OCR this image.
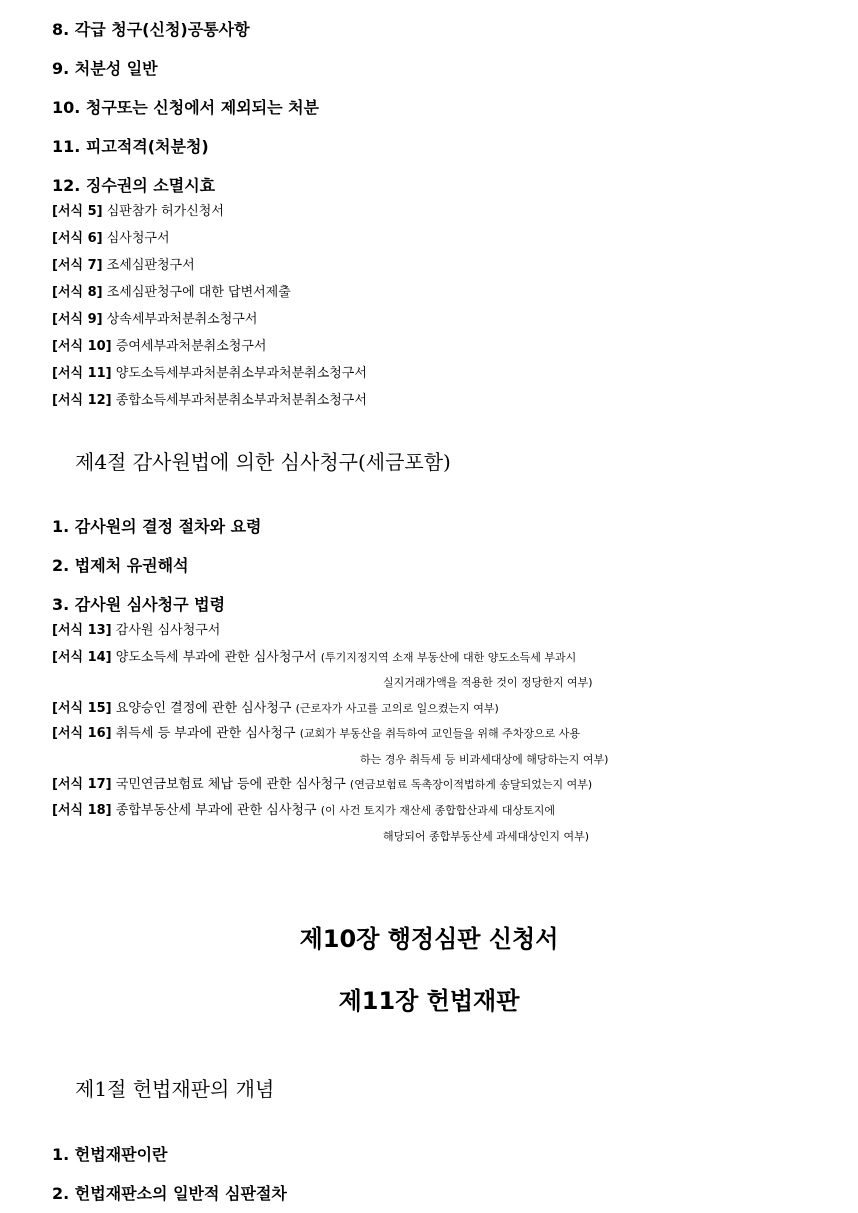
8. 각급 청구(신청)공통사항
9. 처분성 일반
10. 청구또는 신청에서 제외되는 처분
11. 피고적격(처분청)
12. 징수권의 소멸시효
[서식 5] 심판참가 허가신청서
[서식 6] 심사청구서
[서식 7] 조세심판청구서
[서식 8] 조세심판청구에 대한 답변서제출
[서식 9] 상속세부과처분취소청구서
[서식 10] 증여세부과처분취소청구서
[서식 11] 양도소득세부과처분취소부과처분취소청구서
[서식 12] 종합소득세부과처분취소부과처분취소청구서
제4절 감사원법에 의한 심사청구(세금포함)
1. 감사원의 결정 절차와 요령
2. 법제처 유권해석
3. 감사원 심사청구 법령
[서식 13] 감사원 심사청구서
[서식 14] 양도소득세 부과에 관한 심사청구서 (투기지정지역 소재 부동산에 대한 양도소득세 부과시
실지거래가액을 적용한 것이 정당한지 여부)
[서식 15] 요양승인 결정에 관한 심사청구 (근로자가 사고를 고의로 일으켰는지 여부)
[서식 16] 취득세 등 부과에 관한 심사청구 (교회가 부동산을 취득하여 교인들을 위해 주차장으로 사용
하는 경우 취득세 등 비과세대상에 해당하는지 여부)
[서식 17] 국민연금보험료 체납 등에 관한 심사청구 (연금보험료 독촉장이적법하게 송달되었는지 여부)
[서식 18] 종합부동산세 부과에 관한 심사청구 (이 사건 토지가 재산세 종합합산과세 대상토지에
해당되어 종합부동산세 과세대상인지 여부)
제10장 행정심판 신청서
제11장 헌법재판
제1절 헌법재판의 개념
1. 헌법재판이란
2. 헌법재판소의 일반적 심판절차
